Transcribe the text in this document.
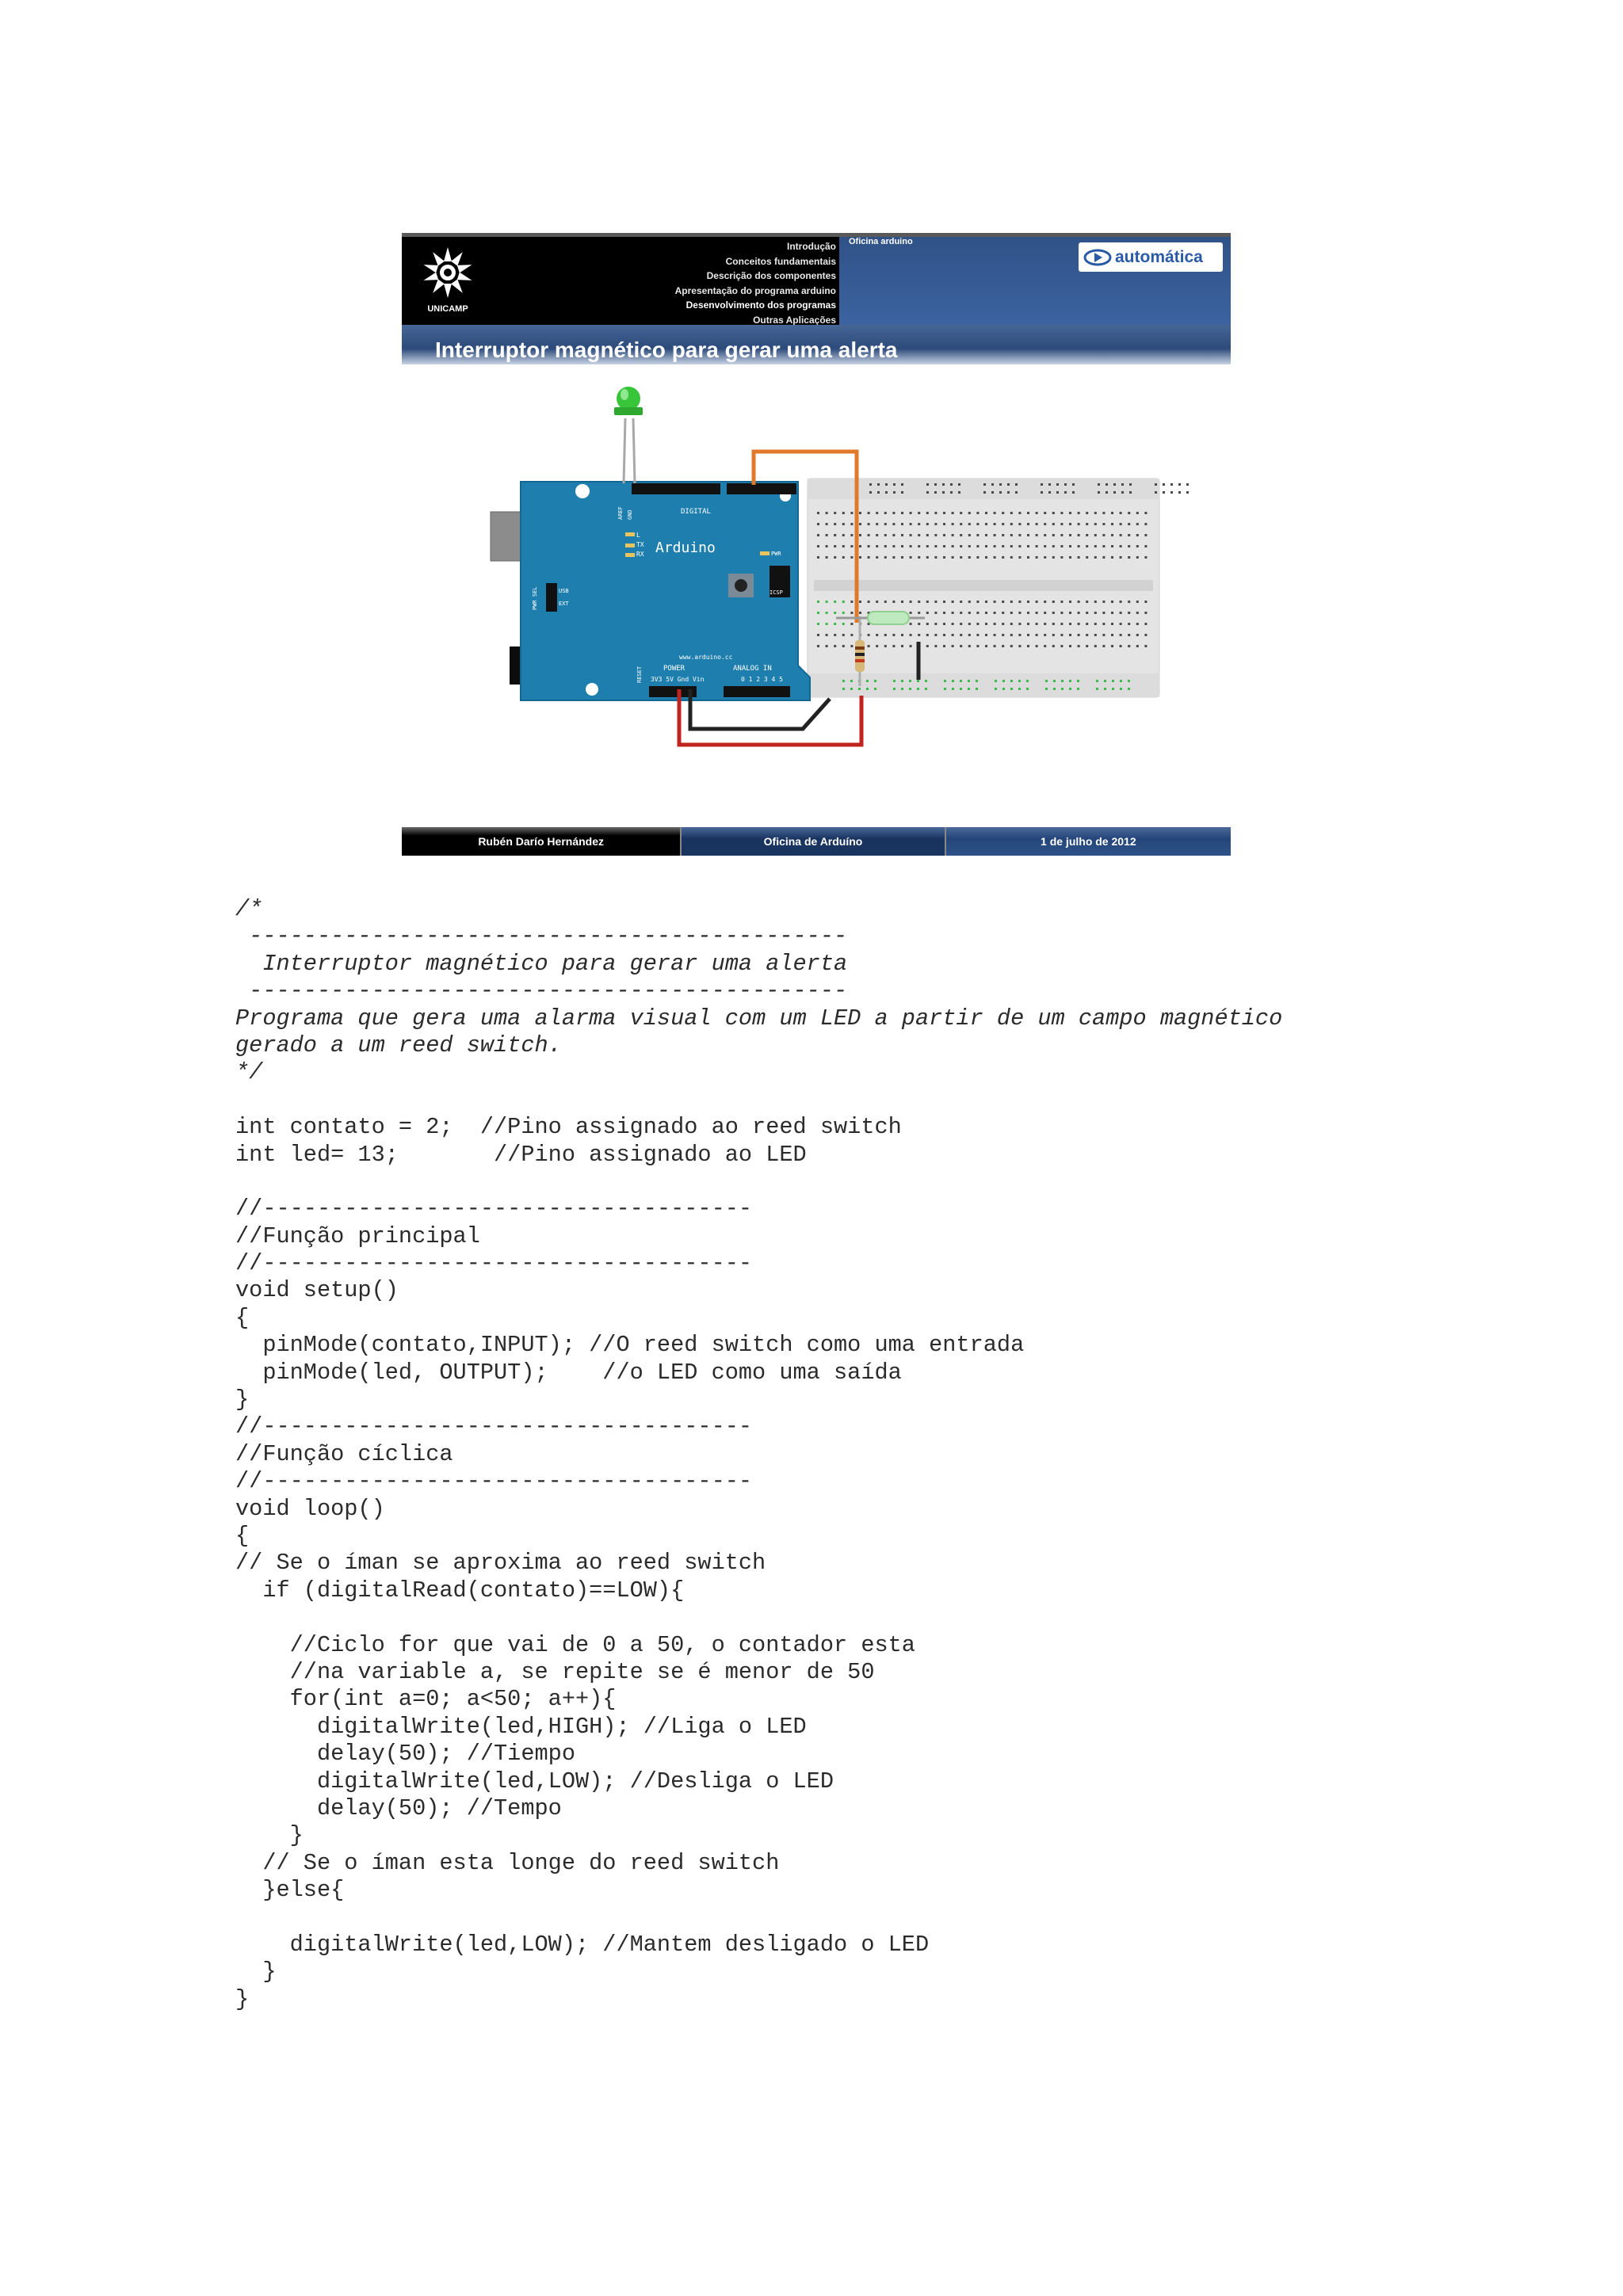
UNICAMP
Introdução
Conceitos fundamentais
Descrição dos componentes
Apresentação do programa arduino
Desenvolvimento dos programas
Outras Aplicações
Oficina arduino
automática
Interruptor magnético para gerar uma alerta
Arduino
DIGITAL
www.arduino.cc
POWER	ANALOG IN
3V3 5V Gnd Vin	0 1 2 3 4 5
ICSP
TX
RX
L
PWR
USB
EXT
PWR SEL
RESET
AREF GND
Rubén Darío Hernández	Oficina de Arduíno	1 de julho de 2012
/*
--------------------------------------------
Interruptor magnético para gerar uma alerta
--------------------------------------------
Programa que gera uma alarma visual com um LED a partir de um campo magnético
gerado a um reed switch.
*/
int contato = 2;  //Pino assignado ao reed switch
int led= 13;       //Pino assignado ao LED
//------------------------------------
//Função principal
//------------------------------------
void setup()
{
pinMode(contato,INPUT); //O reed switch como uma entrada
pinMode(led, OUTPUT);    //o LED como uma saída
}
//------------------------------------
//Função cíclica
//------------------------------------
void loop()
{
// Se o íman se aproxima ao reed switch
if (digitalRead(contato)==LOW){
//Ciclo for que vai de 0 a 50, o contador esta
//na variable a, se repite se é menor de 50
for(int a=0; a<50; a++){
digitalWrite(led,HIGH); //Liga o LED
delay(50); //Tiempo
digitalWrite(led,LOW); //Desliga o LED
delay(50); //Tempo
}
// Se o íman esta longe do reed switch
}else{
digitalWrite(led,LOW); //Mantem desligado o LED
}
}
